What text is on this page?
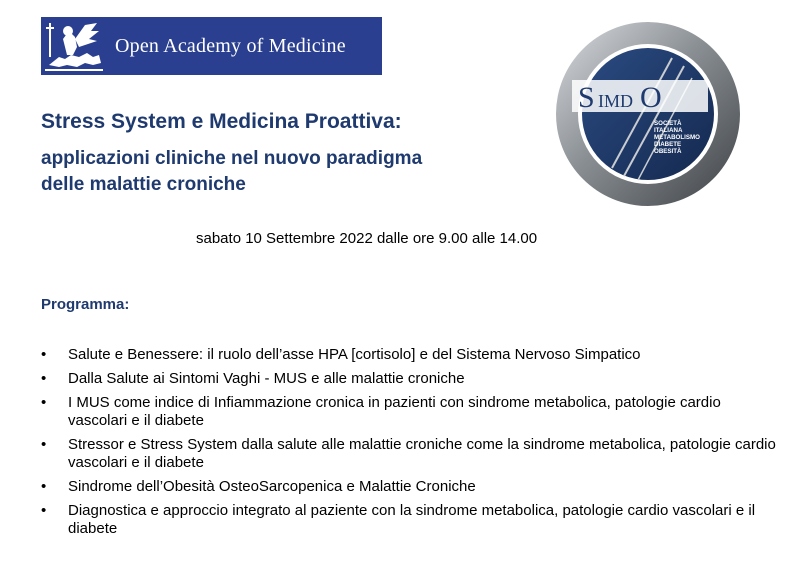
Open Academy of Medicine
S IMD O
SOCIETÀ
ITALIANA
METABOLISMO
DIABETE
OBESITÀ
Stress System e Medicina Proattiva:
applicazioni cliniche nel nuovo paradigma
delle malattie croniche
sabato 10 Settembre 2022 dalle ore 9.00 alle 14.00
Programma:
• Salute e Benessere: il ruolo dell’asse HPA [cortisolo] e del Sistema Nervoso Simpatico
• Dalla Salute ai Sintomi Vaghi - MUS e alle malattie croniche
• I MUS come indice di Infiammazione cronica in pazienti con sindrome metabolica, patologie cardio vascolari e il diabete
• Stressor e Stress System dalla salute alle malattie croniche come la sindrome metabolica, patologie cardio vascolari e il diabete
• Sindrome dell’Obesità OsteoSarcopenica e Malattie Croniche
• Diagnostica e approccio integrato al paziente con la sindrome metabolica, patologie cardio vascolari e il diabete
